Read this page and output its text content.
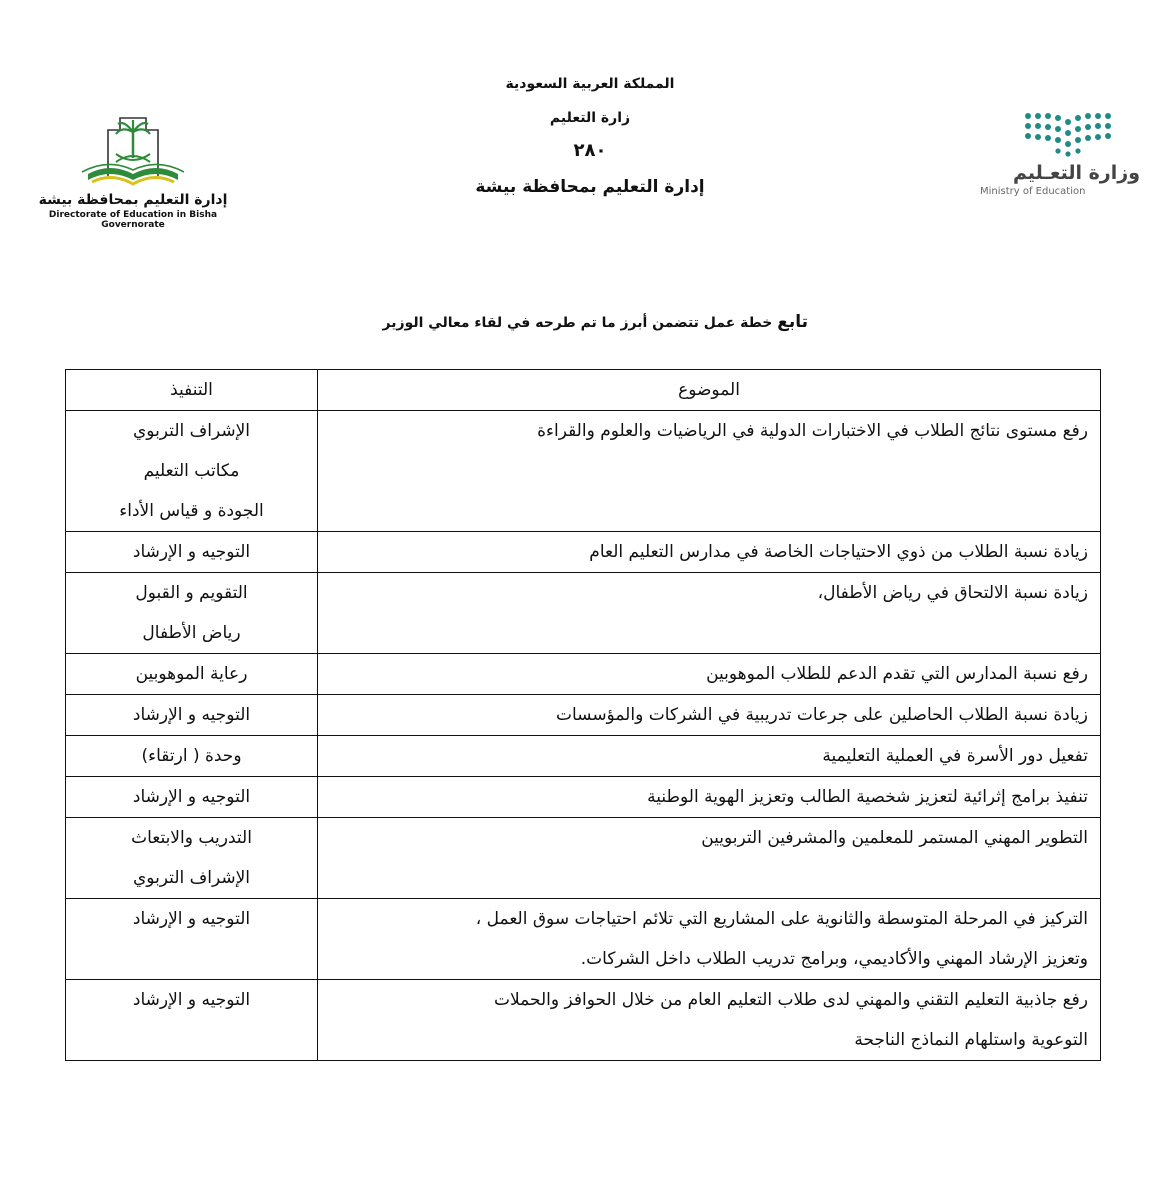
المملكة العربية السعودية
زارة التعليم
٢٨٠
إدارة التعليم بمحافظة بيشة
إدارة التعليم بمحافظة بيشة
Directorate of Education in Bisha Governorate
وزارة التعـليم
Ministry of Education
تابع خطة عمل تتضمن أبرز ما تم طرحه في لقاء معالي الوزير
الموضوع	التنفيذ

رفع مستوى نتائج الطلاب في الاختبارات الدولية في الرياضيات والعلوم والقراءة	الإشراف التربوي
مكاتب التعليم
الجودة و قياس الأداء

زيادة نسبة الطلاب من ذوي الاحتياجات الخاصة في مدارس التعليم العام	التوجيه و الإرشاد

زيادة نسبة الالتحاق في رياض الأطفال،	التقويم و القبول
رياض الأطفال

رفع نسبة المدارس التي تقدم الدعم للطلاب الموهوبين	رعاية الموهوبين

زيادة نسبة الطلاب الحاصلين على جرعات تدريبية في الشركات والمؤسسات	التوجيه و الإرشاد

تفعيل دور الأسرة في العملية التعليمية	وحدة ( ارتقاء)

تنفيذ برامج إثرائية لتعزيز شخصية الطالب وتعزيز الهوية الوطنية	التوجيه و الإرشاد

التطوير المهني المستمر للمعلمين والمشرفين التربويين	التدريب والابتعاث
الإشراف التربوي

التركيز في المرحلة المتوسطة والثانوية على المشاريع التي تلائم احتياجات سوق العمل ،
وتعزيز الإرشاد المهني والأكاديمي، وبرامج تدريب الطلاب داخل الشركات.	التوجيه و الإرشاد

رفع جاذبية التعليم التقني والمهني لدى طلاب التعليم العام من خلال الحوافز والحملات
التوعوية واستلهام النماذج الناجحة	التوجيه و الإرشاد
